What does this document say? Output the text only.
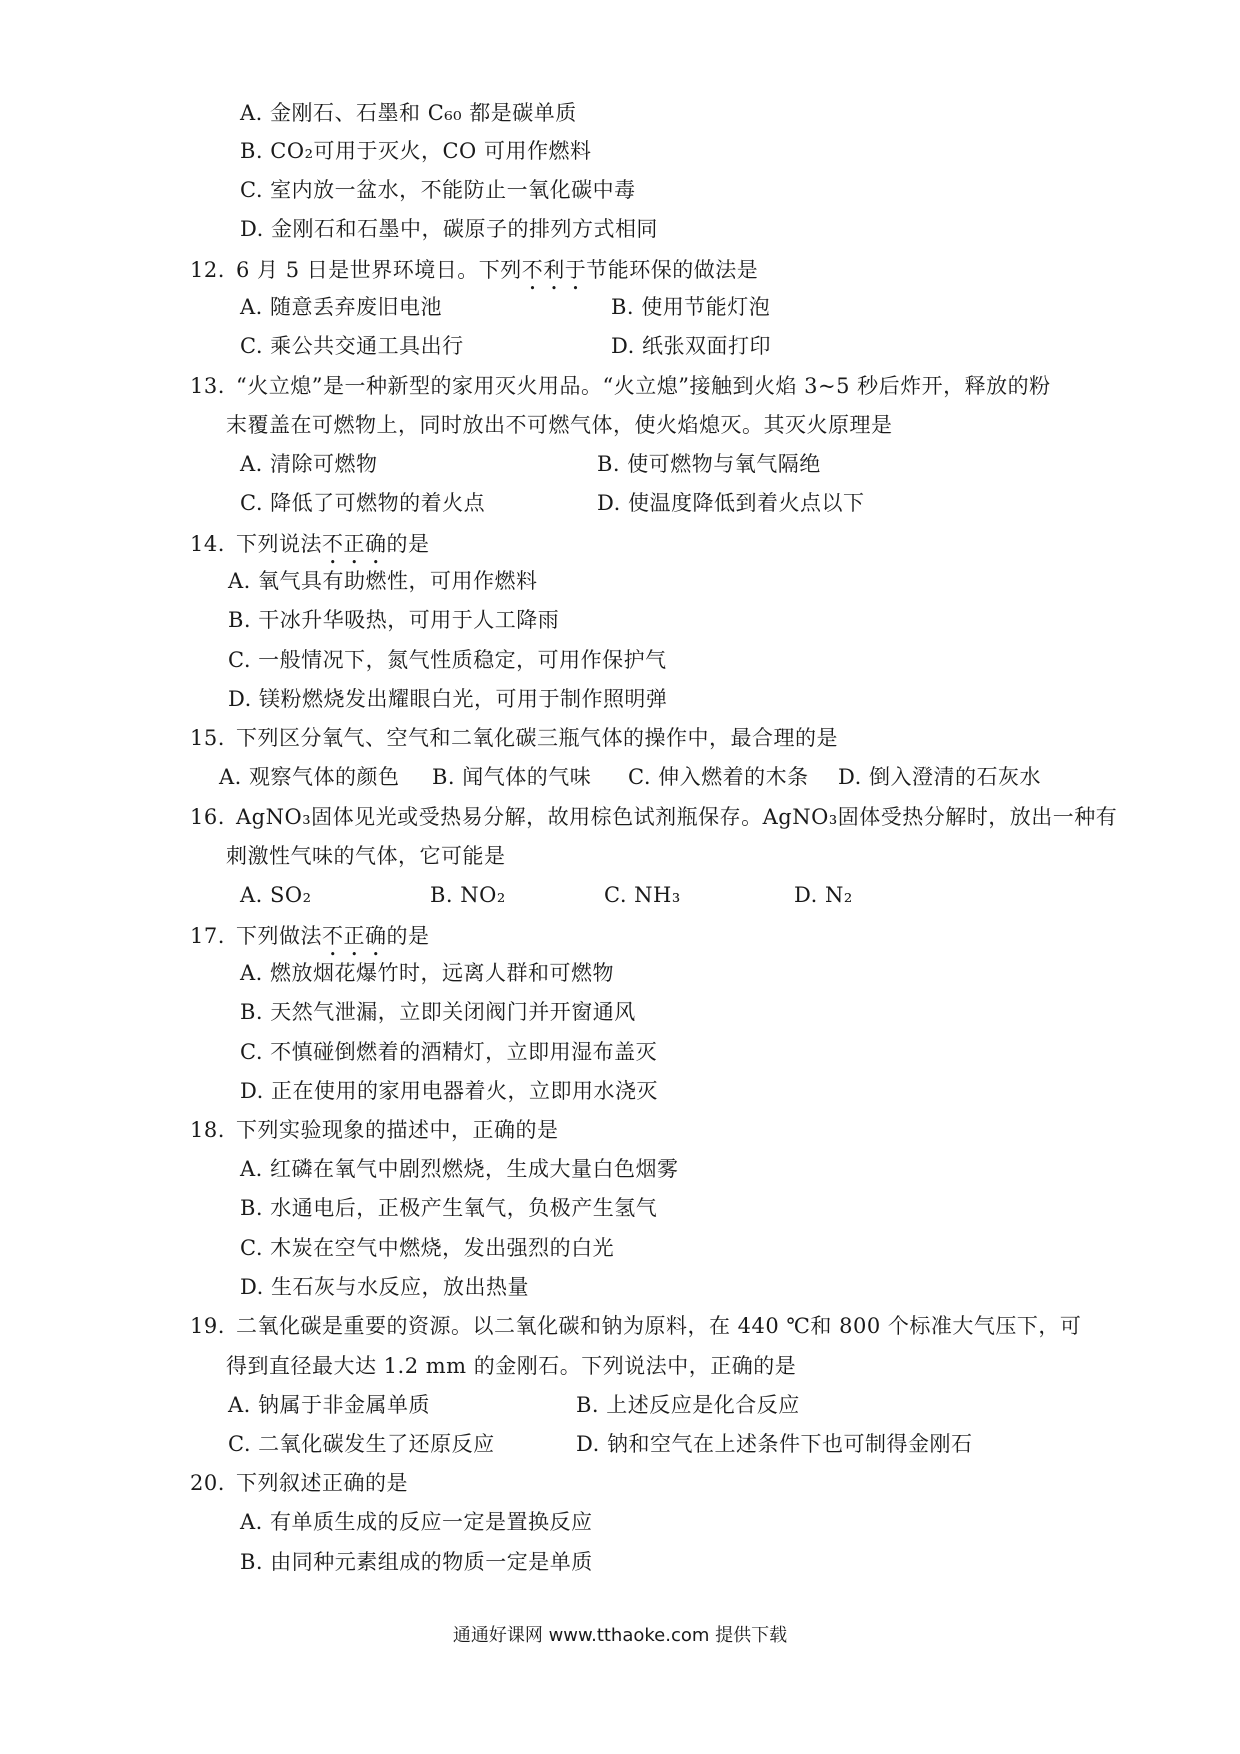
A. 金刚石、石墨和 C₆₀ 都是碳单质
B. CO₂可用于灭火，CO 可用作燃料
C. 室内放一盆水，不能防止一氧化碳中毒
D. 金刚石和石墨中，碳原子的排列方式相同
12. 6 月 5 日是世界环境日。下列不利于节能环保的做法是
A. 随意丢弃废旧电池	B. 使用节能灯泡
C. 乘公共交通工具出行	D. 纸张双面打印
13. “火立熄”是一种新型的家用灭火用品。“火立熄”接触到火焰 3~5 秒后炸开，释放的粉
末覆盖在可燃物上，同时放出不可燃气体，使火焰熄灭。其灭火原理是
A. 清除可燃物	B. 使可燃物与氧气隔绝
C. 降低了可燃物的着火点	D. 使温度降低到着火点以下
14. 下列说法不正确的是
A. 氧气具有助燃性，可用作燃料
B. 干冰升华吸热，可用于人工降雨
C. 一般情况下，氮气性质稳定，可用作保护气
D. 镁粉燃烧发出耀眼白光，可用于制作照明弹
15. 下列区分氧气、空气和二氧化碳三瓶气体的操作中，最合理的是
A. 观察气体的颜色 B. 闻气体的气味 C. 伸入燃着的木条 D. 倒入澄清的石灰水
16. AgNO₃固体见光或受热易分解，故用棕色试剂瓶保存。AgNO₃固体受热分解时，放出一种有
刺激性气味的气体，它可能是
A. SO₂	B. NO₂	C. NH₃	D. N₂
17. 下列做法不正确的是
A. 燃放烟花爆竹时，远离人群和可燃物
B. 天然气泄漏，立即关闭阀门并开窗通风
C. 不慎碰倒燃着的酒精灯，立即用湿布盖灭
D. 正在使用的家用电器着火，立即用水浇灭
18. 下列实验现象的描述中，正确的是
A. 红磷在氧气中剧烈燃烧，生成大量白色烟雾
B. 水通电后，正极产生氧气，负极产生氢气
C. 木炭在空气中燃烧，发出强烈的白光
D. 生石灰与水反应，放出热量
19. 二氧化碳是重要的资源。以二氧化碳和钠为原料，在 440 ℃和 800 个标准大气压下，可
得到直径最大达 1.2 mm 的金刚石。下列说法中，正确的是
A. 钠属于非金属单质	B. 上述反应是化合反应
C. 二氧化碳发生了还原反应	D. 钠和空气在上述条件下也可制得金刚石
20. 下列叙述正确的是
A. 有单质生成的反应一定是置换反应
B. 由同种元素组成的物质一定是单质
通通好课网 www.tthaoke.com 提供下载
